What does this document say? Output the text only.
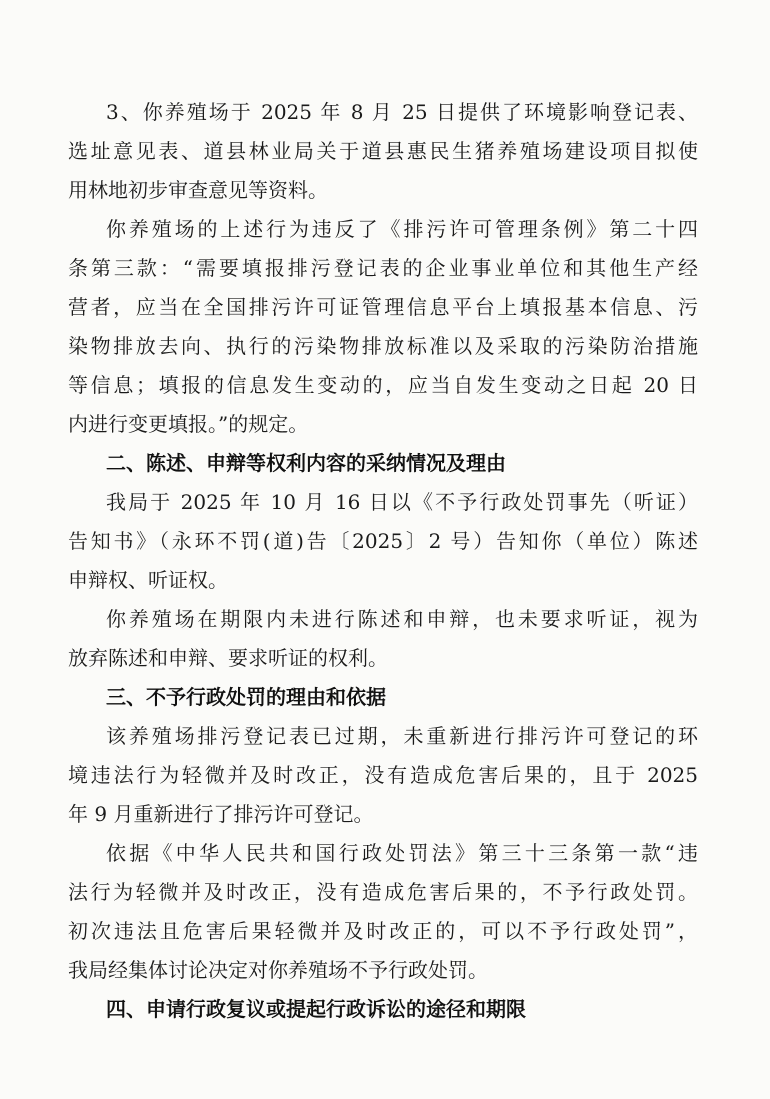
3、你养殖场于 2025 年 8 月 25 日提供了环境影响登记表、
选址意见表、道县林业局关于道县惠民生猪养殖场建设项目拟使
用林地初步审查意见等资料。
你养殖场的上述行为违反了《排污许可管理条例》第二十四
条第三款：“需要填报排污登记表的企业事业单位和其他生产经
营者，应当在全国排污许可证管理信息平台上填报基本信息、污
染物排放去向、执行的污染物排放标准以及采取的污染防治措施
等信息；填报的信息发生变动的，应当自发生变动之日起 20 日
内进行变更填报。”的规定。
二、陈述、申辩等权利内容的采纳情况及理由
我局于 2025 年 10 月 16 日以《不予行政处罚事先（听证）
告知书》（永环不罚(道)告〔2025〕2 号）告知你（单位）陈述
申辩权、听证权。
你养殖场在期限内未进行陈述和申辩，也未要求听证，视为
放弃陈述和申辩、要求听证的权利。
三、不予行政处罚的理由和依据
该养殖场排污登记表已过期，未重新进行排污许可登记的环
境违法行为轻微并及时改正，没有造成危害后果的，且于 2025
年 9 月重新进行了排污许可登记。
依据《中华人民共和国行政处罚法》第三十三条第一款“违
法行为轻微并及时改正，没有造成危害后果的，不予行政处罚。
初次违法且危害后果轻微并及时改正的，可以不予行政处罚”，
我局经集体讨论决定对你养殖场不予行政处罚。
四、申请行政复议或提起行政诉讼的途径和期限
